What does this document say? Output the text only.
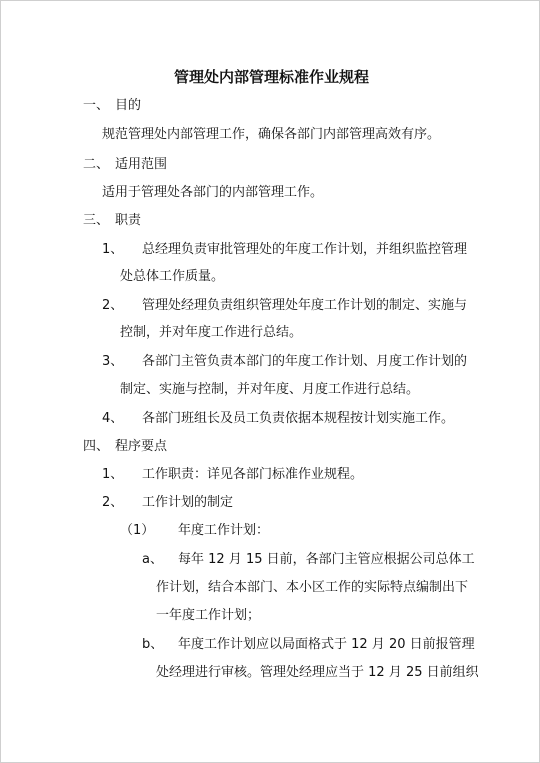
管理处内部管理标准作业规程
一、 目的
规范管理处内部管理工作，确保各部门内部管理高效有序。
二、 适用范围
适用于管理处各部门的内部管理工作。
三、 职责
1、 总经理负责审批管理处的年度工作计划，并组织监控管理
处总体工作质量。
2、 管理处经理负责组织管理处年度工作计划的制定、实施与
控制，并对年度工作进行总结。
3、 各部门主管负责本部门的年度工作计划、月度工作计划的
制定、实施与控制，并对年度、月度工作进行总结。
4、 各部门班组长及员工负责依据本规程按计划实施工作。
四、 程序要点
1、 工作职责：详见各部门标准作业规程。
2、 工作计划的制定
（1） 年度工作计划：
a、 每年 12 月 15 日前，各部门主管应根据公司总体工
作计划，结合本部门、本小区工作的实际特点编制出下
一年度工作计划；
b、 年度工作计划应以局面格式于 12 月 20 日前报管理
处经理进行审核。管理处经理应当于 12 月 25 日前组织
